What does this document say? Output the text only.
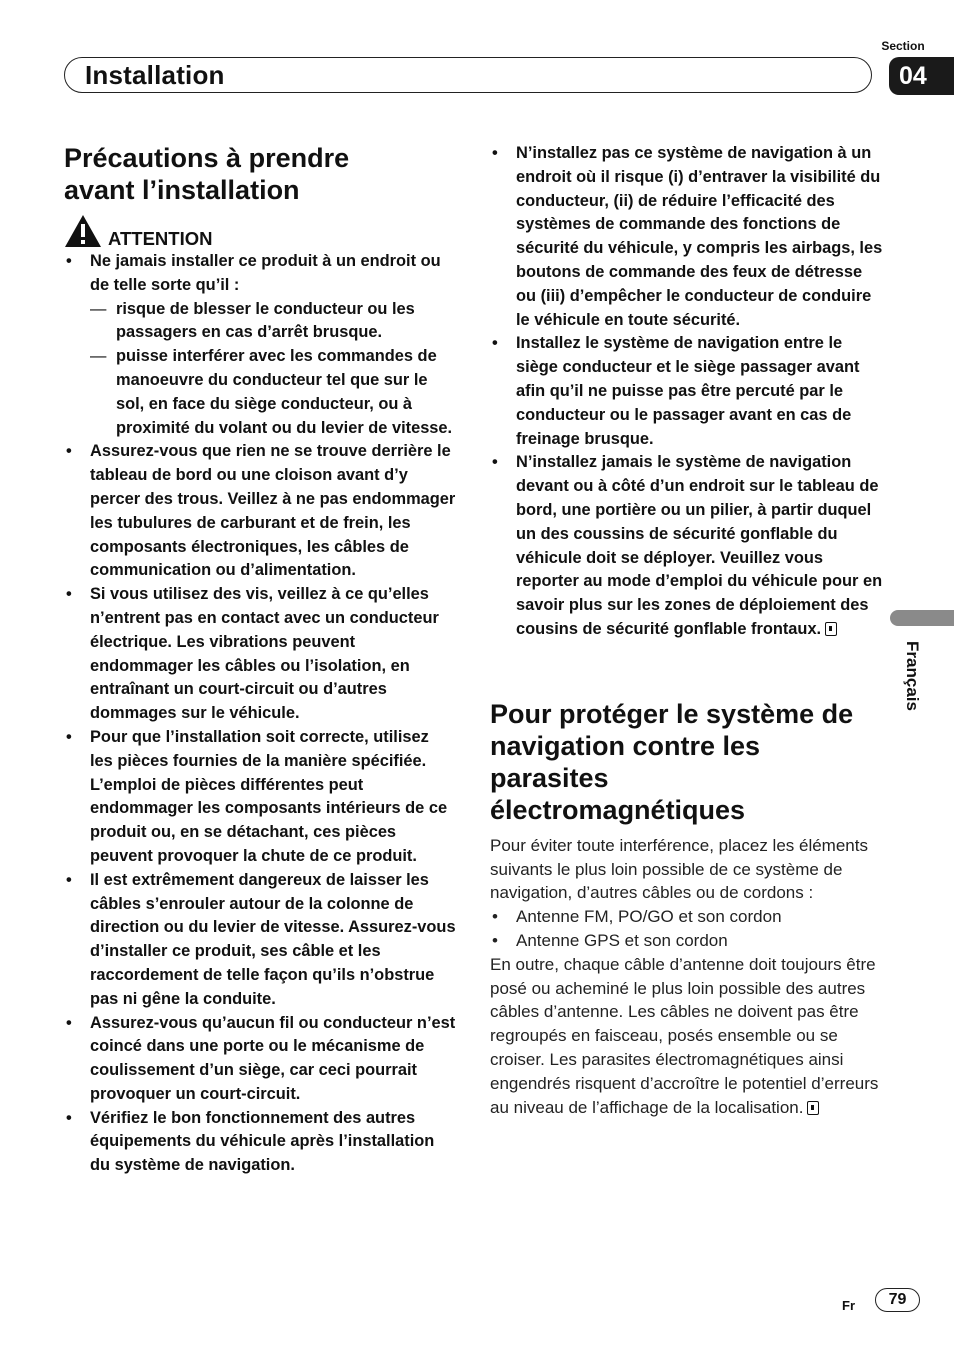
Installation
Section
04
Français
Précautions à prendre
avant l’installation
ATTENTION
• Ne jamais installer ce produit à un endroit ou de telle sorte qu’il :
— risque de blesser le conducteur ou les passagers en cas d’arrêt brusque.
— puisse interférer avec les commandes de manoeuvre du conducteur tel que sur le sol, en face du siège conducteur, ou à proximité du volant ou du levier de vitesse.
• Assurez-vous que rien ne se trouve derrière le tableau de bord ou une cloison avant d’y percer des trous. Veillez à ne pas endommager les tubulures de carburant et de frein, les composants électroniques, les câbles de communication ou d’alimentation.
• Si vous utilisez des vis, veillez à ce qu’elles n’entrent pas en contact avec un conducteur électrique. Les vibrations peuvent endommager les câbles ou l’isolation, en entraînant un court-circuit ou d’autres dommages sur le véhicule.
• Pour que l’installation soit correcte, utilisez les pièces fournies de la manière spécifiée. L’emploi de pièces différentes peut endommager les composants intérieurs de ce produit ou, en se détachant, ces pièces peuvent provoquer la chute de ce produit.
• Il est extrêmement dangereux de laisser les câbles s’enrouler autour de la colonne de direction ou du levier de vitesse. Assurez-vous d’installer ce produit, ses câble et les raccordement de telle façon qu’ils n’obstrue pas ni gêne la conduite.
• Assurez-vous qu’aucun fil ou conducteur n’est coincé dans une porte ou le mécanisme de coulissement d’un siège, car ceci pourrait provoquer un court-circuit.
• Vérifiez le bon fonctionnement des autres équipements du véhicule après l’installation du système de navigation.
• N’installez pas ce système de navigation à un endroit où il risque (i) d’entraver la visibilité du conducteur, (ii) de réduire l’efficacité des systèmes de commande des fonctions de sécurité du véhicule, y compris les airbags, les boutons de commande des feux de détresse ou (iii) d’empêcher le conducteur de conduire le véhicule en toute sécurité.
• Installez le système de navigation entre le siège conducteur et le siège passager avant afin qu’il ne puisse pas être percuté par le conducteur ou le passager avant en cas de freinage brusque.
• N’installez jamais le système de navigation devant ou à côté d’un endroit sur le tableau de bord, une portière ou un pilier, à partir duquel un des coussins de sécurité gonflable du véhicule doit se déployer. Veuillez vous reporter au mode d’emploi du véhicule pour en savoir plus sur les zones de déploiement des cousins de sécurité gonflable frontaux.
Pour protéger le système de
navigation contre les parasites
électromagnétiques

Pour éviter toute interférence, placez les éléments suivants le plus loin possible de ce système de navigation, d’autres câbles ou de cordons :

• Antenne FM, PO/GO et son cordon
• Antenne GPS et son cordon

En outre, chaque câble d’antenne doit toujours être posé ou acheminé le plus loin possible des autres câbles d’antenne. Les câbles ne doivent pas être regroupés en faisceau, posés ensemble ou se croiser. Les parasites électromagnétiques ainsi engendrés risquent d’accroître le potentiel d’erreurs au niveau de l’affichage de la localisation.

Fr	79
